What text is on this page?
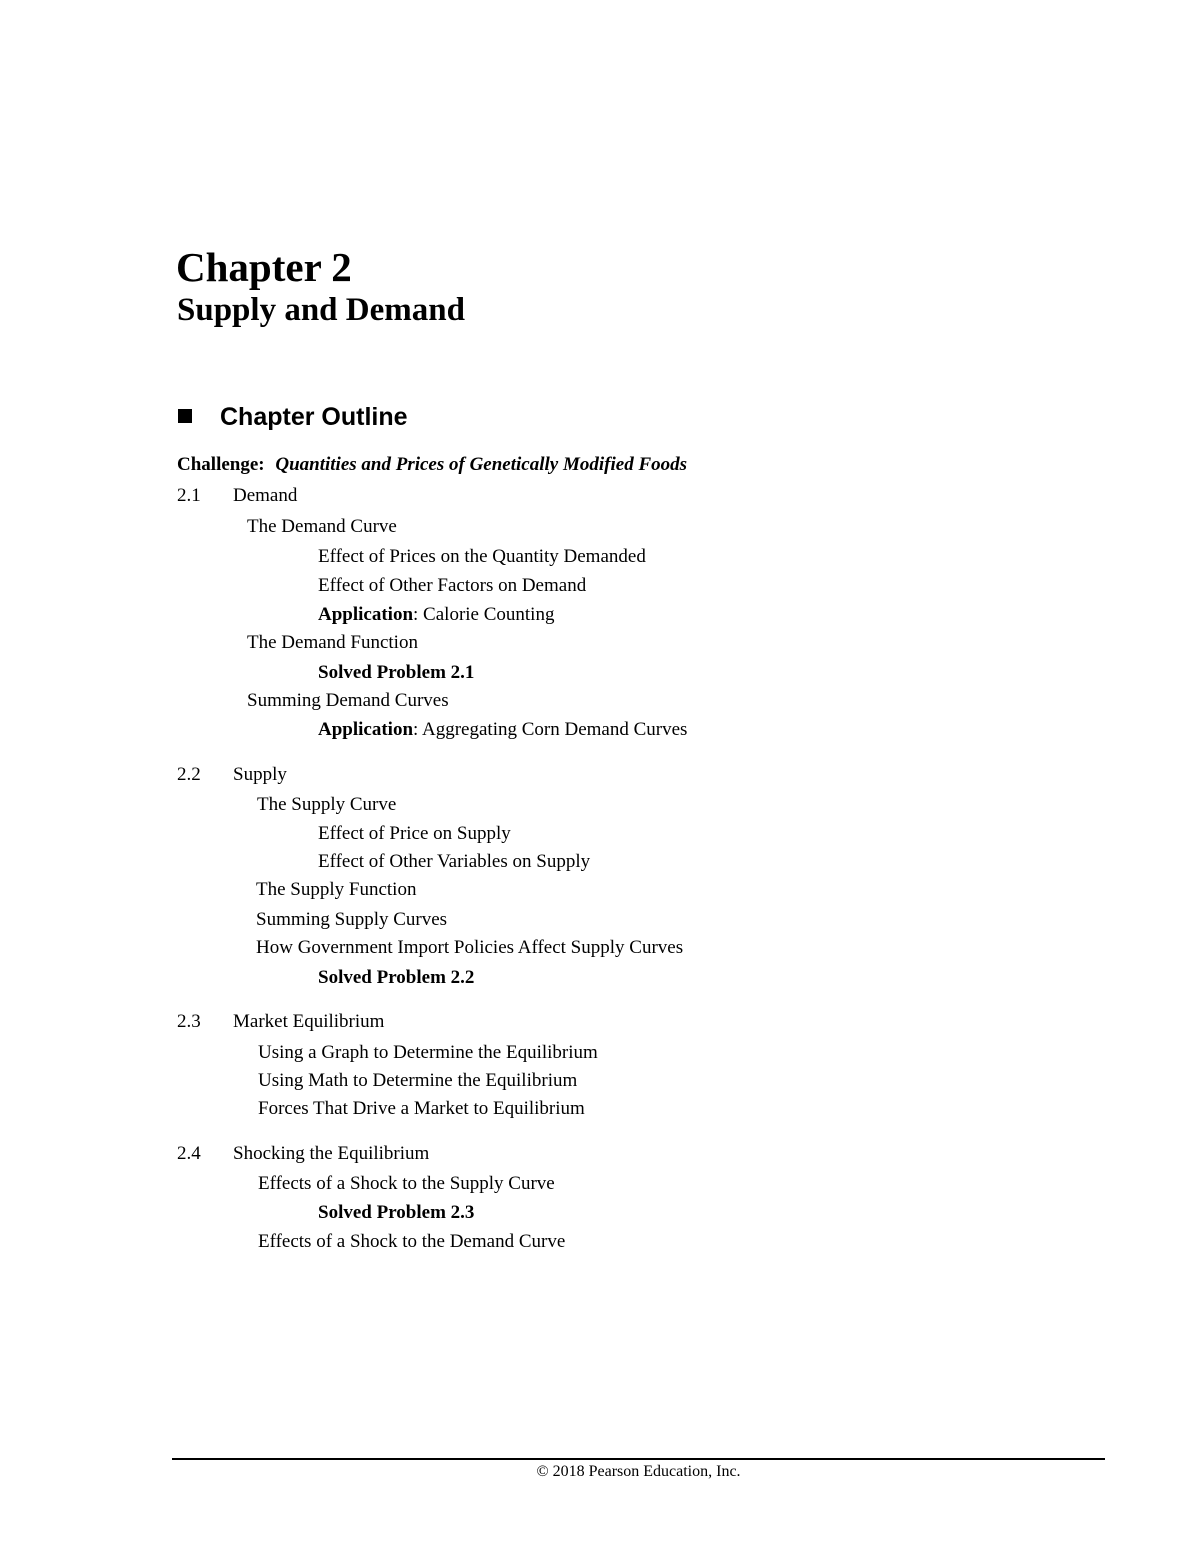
Chapter 2
Supply and Demand
Chapter Outline
Challenge: Quantities and Prices of Genetically Modified Foods
2.1 Demand
The Demand Curve
Effect of Prices on the Quantity Demanded
Effect of Other Factors on Demand
Application: Calorie Counting
The Demand Function
Solved Problem 2.1
Summing Demand Curves
Application: Aggregating Corn Demand Curves
2.2 Supply
The Supply Curve
Effect of Price on Supply
Effect of Other Variables on Supply
The Supply Function
Summing Supply Curves
How Government Import Policies Affect Supply Curves
Solved Problem 2.2
2.3 Market Equilibrium
Using a Graph to Determine the Equilibrium
Using Math to Determine the Equilibrium
Forces That Drive a Market to Equilibrium
2.4 Shocking the Equilibrium
Effects of a Shock to the Supply Curve
Solved Problem 2.3
Effects of a Shock to the Demand Curve
© 2018 Pearson Education, Inc.
